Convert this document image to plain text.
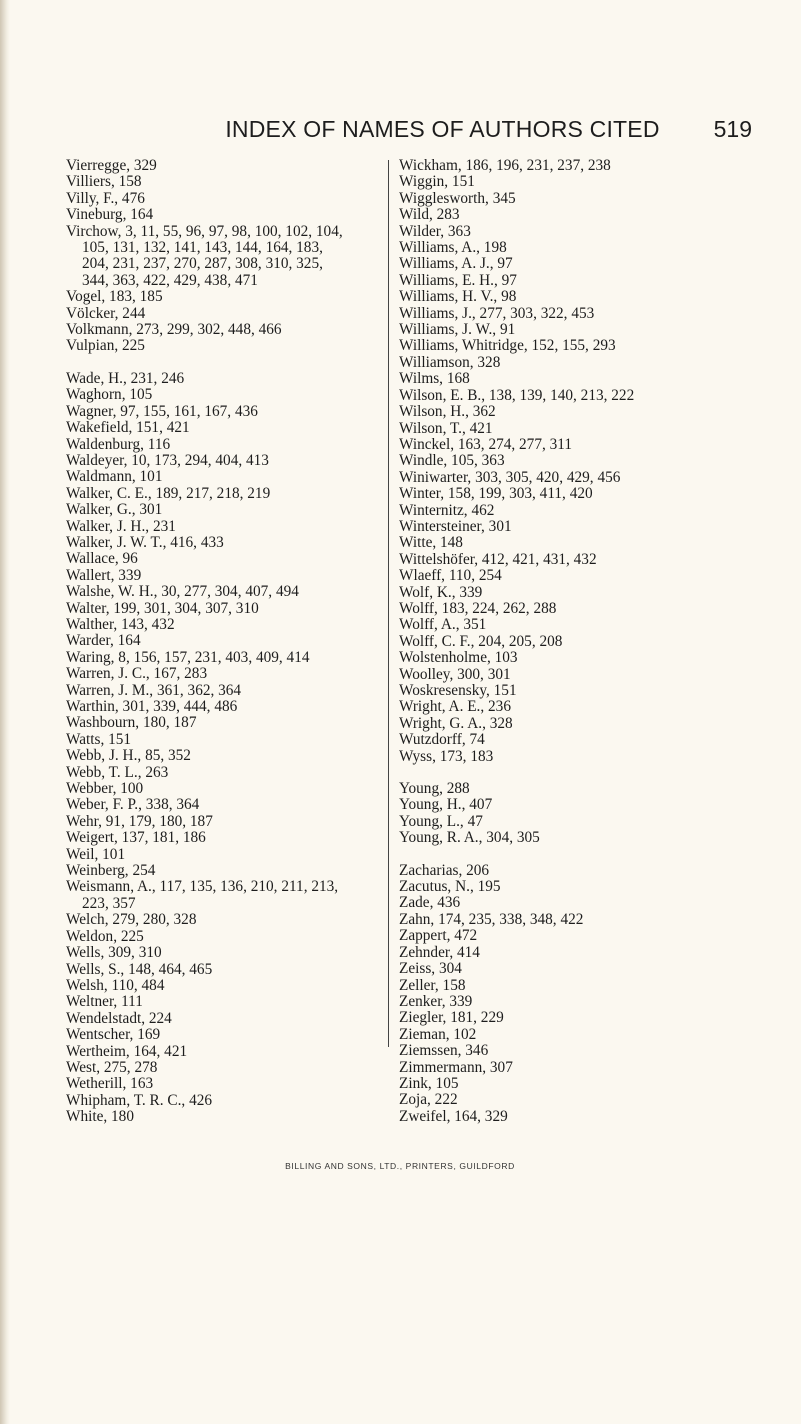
INDEX OF NAMES OF AUTHORS CITED	519
Vierregge, 329
Villiers, 158
Villy, F., 476
Vineburg, 164
Virchow, 3, 11, 55, 96, 97, 98, 100, 102, 104,
105, 131, 132, 141, 143, 144, 164, 183,
204, 231, 237, 270, 287, 308, 310, 325,
344, 363, 422, 429, 438, 471
Vogel, 183, 185
Völcker, 244
Volkmann, 273, 299, 302, 448, 466
Vulpian, 225
Wade, H., 231, 246
Waghorn, 105
Wagner, 97, 155, 161, 167, 436
Wakefield, 151, 421
Waldenburg, 116
Waldeyer, 10, 173, 294, 404, 413
Waldmann, 101
Walker, C. E., 189, 217, 218, 219
Walker, G., 301
Walker, J. H., 231
Walker, J. W. T., 416, 433
Wallace, 96
Wallert, 339
Walshe, W. H., 30, 277, 304, 407, 494
Walter, 199, 301, 304, 307, 310
Walther, 143, 432
Warder, 164
Waring, 8, 156, 157, 231, 403, 409, 414
Warren, J. C., 167, 283
Warren, J. M., 361, 362, 364
Warthin, 301, 339, 444, 486
Washbourn, 180, 187
Watts, 151
Webb, J. H., 85, 352
Webb, T. L., 263
Webber, 100
Weber, F. P., 338, 364
Wehr, 91, 179, 180, 187
Weigert, 137, 181, 186
Weil, 101
Weinberg, 254
Weismann, A., 117, 135, 136, 210, 211, 213,
223, 357
Welch, 279, 280, 328
Weldon, 225
Wells, 309, 310
Wells, S., 148, 464, 465
Welsh, 110, 484
Weltner, 111
Wendelstadt, 224
Wentscher, 169
Wertheim, 164, 421
West, 275, 278
Wetherill, 163
Whipham, T. R. C., 426
White, 180
Wickham, 186, 196, 231, 237, 238
Wiggin, 151
Wigglesworth, 345
Wild, 283
Wilder, 363
Williams, A., 198
Williams, A. J., 97
Williams, E. H., 97
Williams, H. V., 98
Williams, J., 277, 303, 322, 453
Williams, J. W., 91
Williams, Whitridge, 152, 155, 293
Williamson, 328
Wilms, 168
Wilson, E. B., 138, 139, 140, 213, 222
Wilson, H., 362
Wilson, T., 421
Winckel, 163, 274, 277, 311
Windle, 105, 363
Winiwarter, 303, 305, 420, 429, 456
Winter, 158, 199, 303, 411, 420
Winternitz, 462
Wintersteiner, 301
Witte, 148
Wittelshöfer, 412, 421, 431, 432
Wlaeff, 110, 254
Wolf, K., 339
Wolff, 183, 224, 262, 288
Wolff, A., 351
Wolff, C. F., 204, 205, 208
Wolstenholme, 103
Woolley, 300, 301
Woskresensky, 151
Wright, A. E., 236
Wright, G. A., 328
Wutzdorff, 74
Wyss, 173, 183
Young, 288
Young, H., 407
Young, L., 47
Young, R. A., 304, 305
Zacharias, 206
Zacutus, N., 195
Zade, 436
Zahn, 174, 235, 338, 348, 422
Zappert, 472
Zehnder, 414
Zeiss, 304
Zeller, 158
Zenker, 339
Ziegler, 181, 229
Zieman, 102
Ziemssen, 346
Zimmermann, 307
Zink, 105
Zoja, 222
Zweifel, 164, 329
BILLING AND SONS, LTD., PRINTERS, GUILDFORD
